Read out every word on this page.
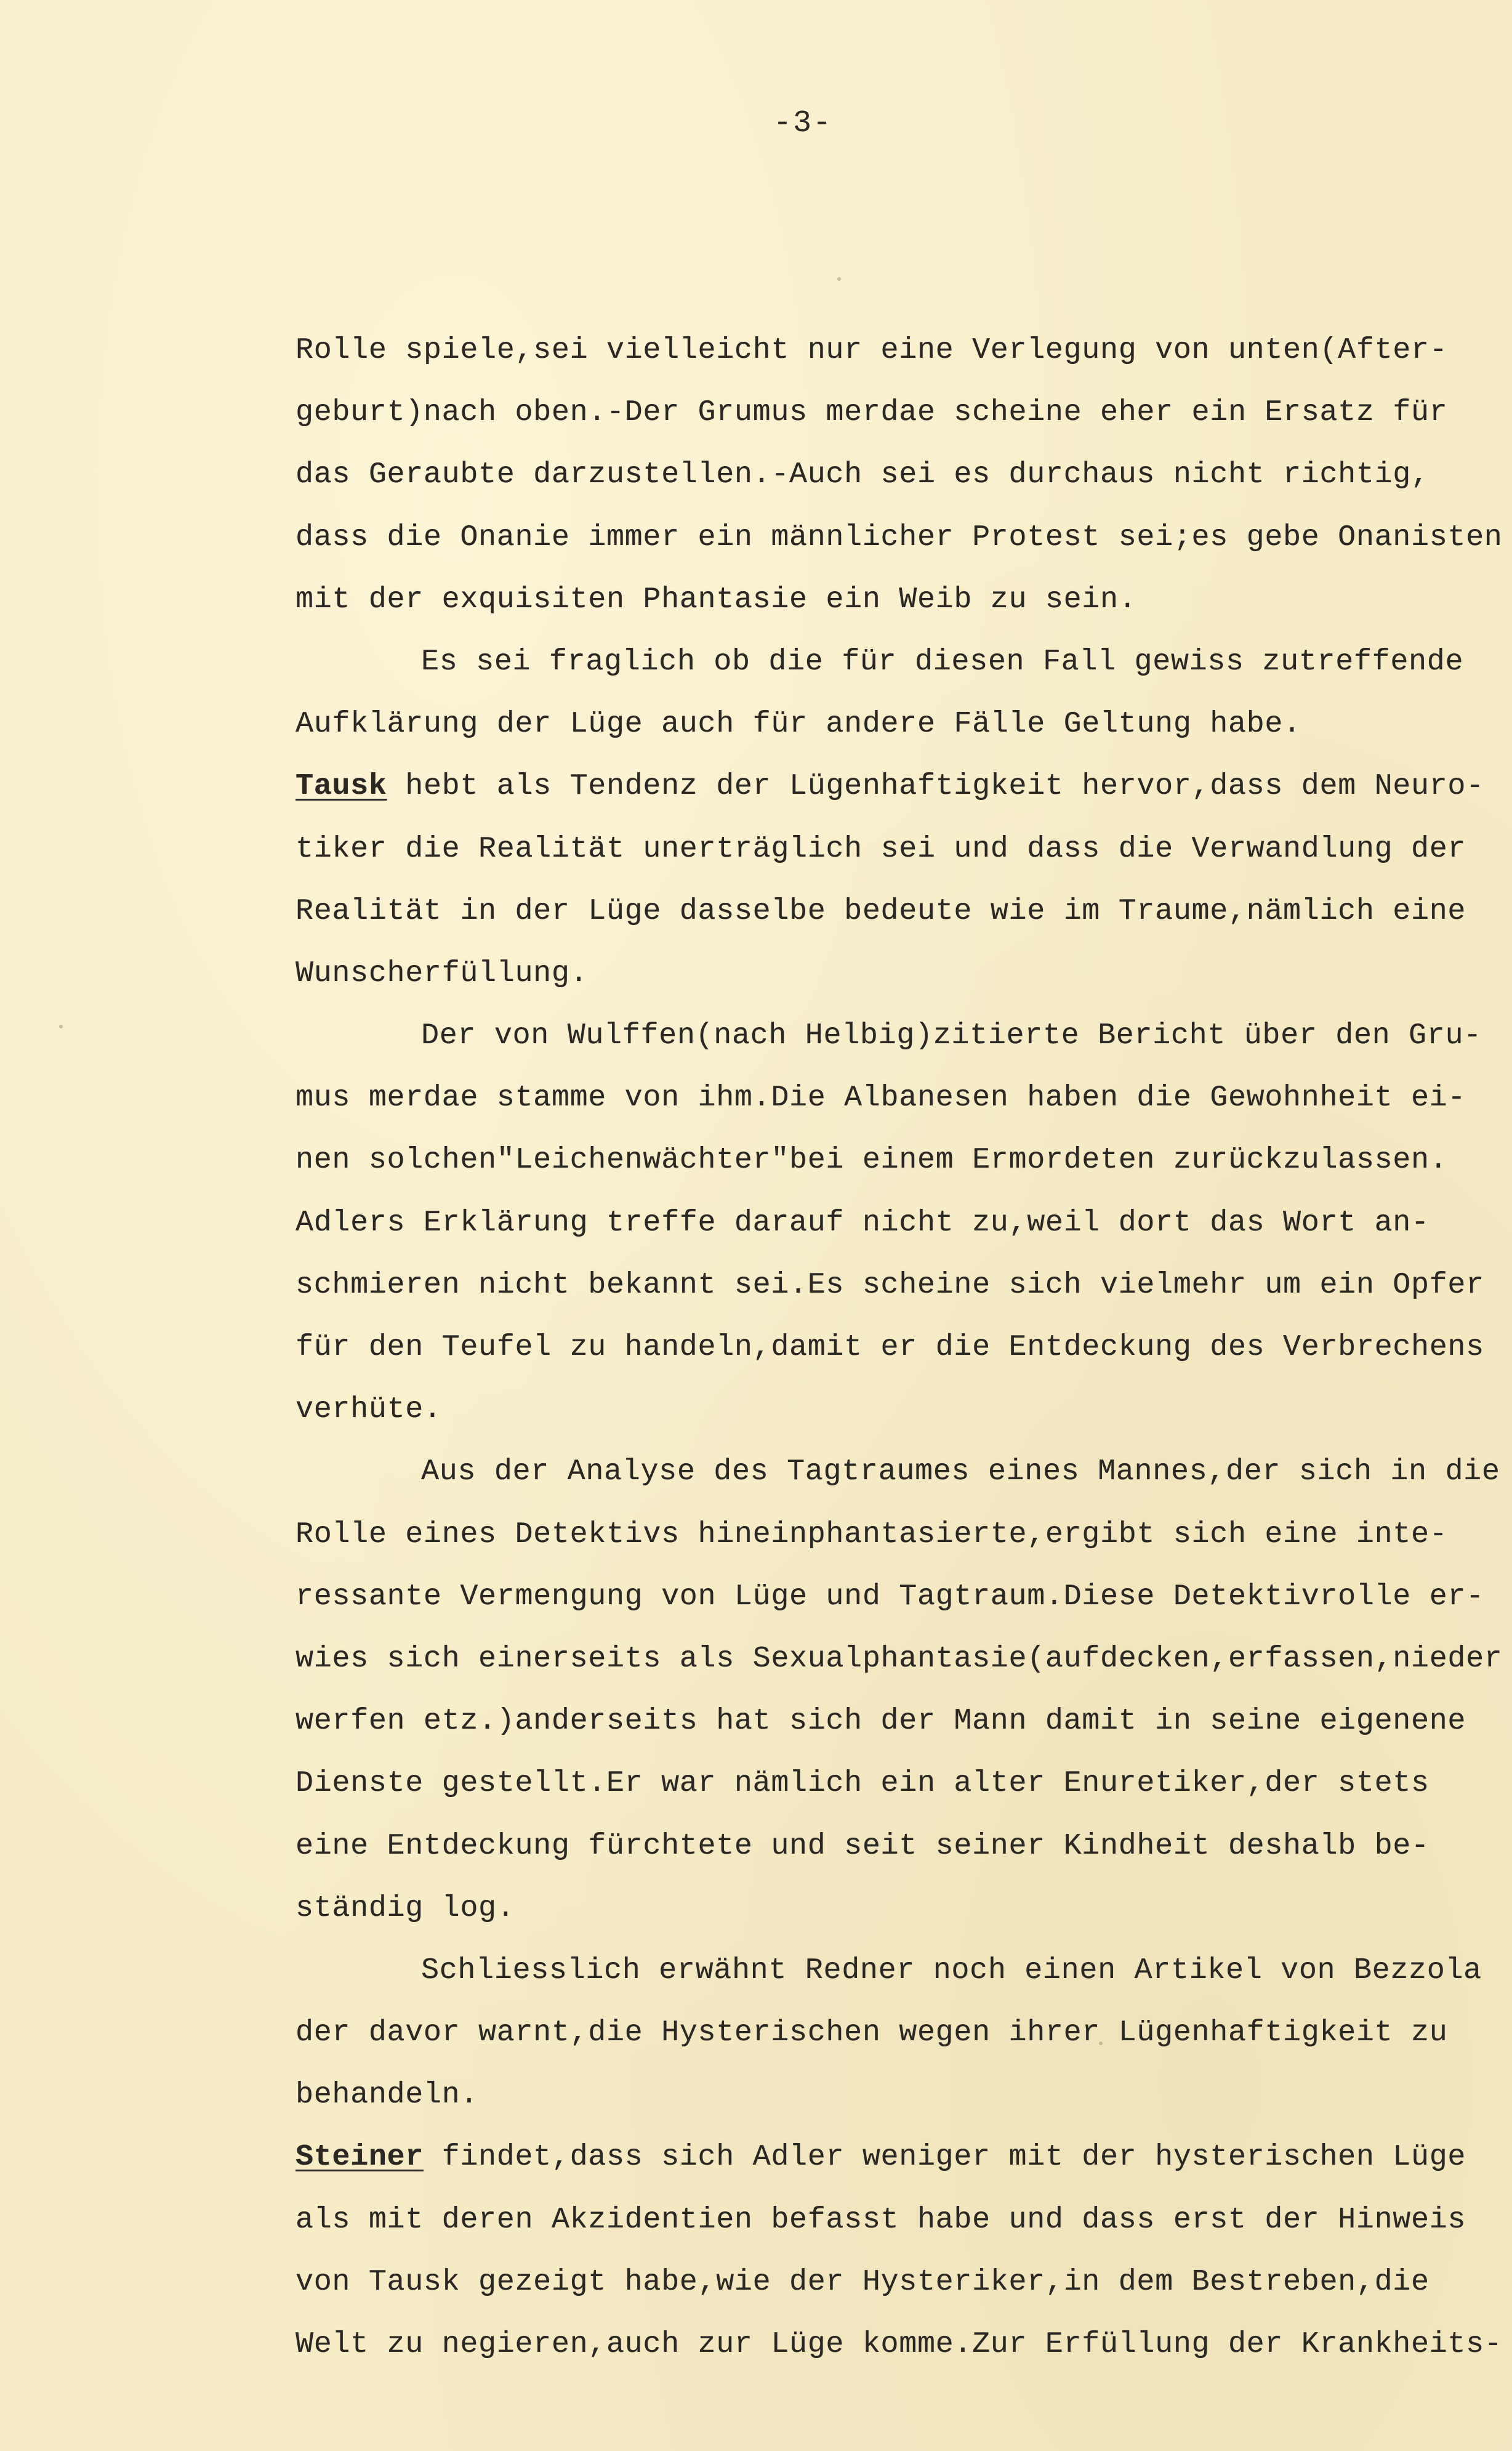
-3-
Rolle spiele,sei vielleicht nur eine Verlegung von unten(After-
geburt)nach oben.-Der Grumus merdae scheine eher ein Ersatz für
das Geraubte darzustellen.-Auch sei es durchaus nicht richtig,
dass die Onanie immer ein männlicher Protest sei;es gebe Onanisten
mit der exquisiten Phantasie ein Weib zu sein.
Es sei fraglich ob die für diesen Fall gewiss zutreffende
Aufklärung der Lüge auch für andere Fälle Geltung habe.
Tausk hebt als Tendenz der Lügenhaftigkeit hervor,dass dem Neuro-
tiker die Realität unerträglich sei und dass die Verwandlung der
Realität in der Lüge dasselbe bedeute wie im Traume,nämlich eine
Wunscherfüllung.
Der von Wulffen(nach Helbig)zitierte Bericht über den Gru-
mus merdae stamme von ihm.Die Albanesen haben die Gewohnheit ei-
nen solchen"Leichenwächter"bei einem Ermordeten zurückzulassen.
Adlers Erklärung treffe darauf nicht zu,weil dort das Wort an-
schmieren nicht bekannt sei.Es scheine sich vielmehr um ein Opfer
für den Teufel zu handeln,damit er die Entdeckung des Verbrechens
verhüte.
Aus der Analyse des Tagtraumes eines Mannes,der sich in die
Rolle eines Detektivs hineinphantasierte,ergibt sich eine inte-
ressante Vermengung von Lüge und Tagtraum.Diese Detektivrolle er-
wies sich einerseits als Sexualphantasie(aufdecken,erfassen,nieder
werfen etz.)anderseits hat sich der Mann damit in seine eigenene
Dienste gestellt.Er war nämlich ein alter Enuretiker,der stets
eine Entdeckung fürchtete und seit seiner Kindheit deshalb be-
ständig log.
Schliesslich erwähnt Redner noch einen Artikel von Bezzola
der davor warnt,die Hysterischen wegen ihrer Lügenhaftigkeit zu
behandeln.
Steiner findet,dass sich Adler weniger mit der hysterischen Lüge
als mit deren Akzidentien befasst habe und dass erst der Hinweis
von Tausk gezeigt habe,wie der Hysteriker,in dem Bestreben,die
Welt zu negieren,auch zur Lüge komme.Zur Erfüllung der Krankheits-
